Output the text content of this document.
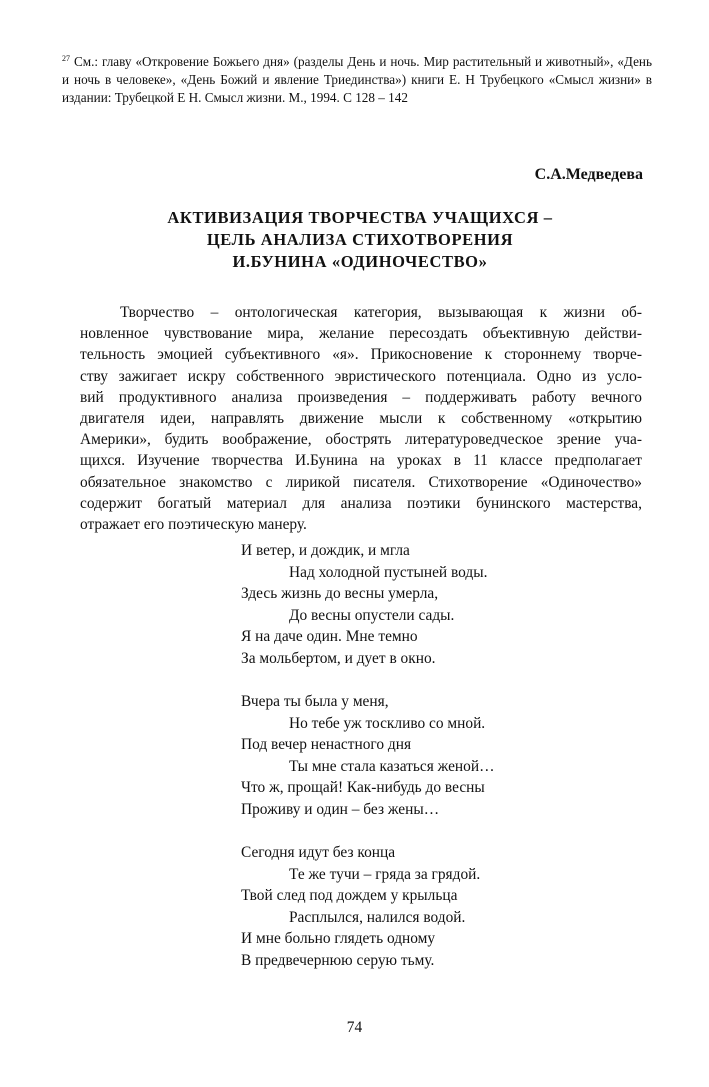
$^{27}$ См.: главу «Откровение Божьего дня» (разделы День и ночь. Мир растительный и животный», «День и ночь в человеке», «День Божий и явление Триединства») книги Е. Н Трубецкого «Смысл жизни» в издании: Трубецкой Е Н. Смысл жизни. М., 1994. С 128 – 142
С.А.Медведева
АКТИВИЗАЦИЯ ТВОРЧЕСТВА УЧАЩИХСЯ –
ЦЕЛЬ АНАЛИЗА СТИХОТВОРЕНИЯ
И.БУНИНА «ОДИНОЧЕСТВО»
Творчество – онтологическая категория, вызывающая к жизни об-
новленное чувствование мира, желание пересоздать объективную действи-
тельность эмоцией субъективного «я». Прикосновение к стороннему творче-
ству зажигает искру собственного эвристического потенциала. Одно из усло-
вий продуктивного анализа произведения – поддерживать работу вечного
двигателя идеи, направлять движение мысли к собственному «открытию
Америки», будить воображение, обострять литературоведческое зрение уча-
щихся. Изучение творчества И.Бунина на уроках в 11 классе предполагает
обязательное знакомство с лирикой писателя. Стихотворение «Одиночество»
содержит богатый материал для анализа поэтики бунинского мастерства,
отражает его поэтическую манеру.
И ветер, и дождик, и мгла
Над холодной пустыней воды.
Здесь жизнь до весны умерла,
До весны опустели сады.
Я на даче один. Мне темно
За мольбертом, и дует в окно.
Вчера ты была у меня,
Но тебе уж тоскливо со мной.
Под вечер ненастного дня
Ты мне стала казаться женой…
Что ж, прощай! Как-нибудь до весны
Проживу и один – без жены…
Сегодня идут без конца
Те же тучи – гряда за грядой.
Твой след под дождем у крыльца
Расплылся, налился водой.
И мне больно глядеть одному
В предвечернюю серую тьму.
74
